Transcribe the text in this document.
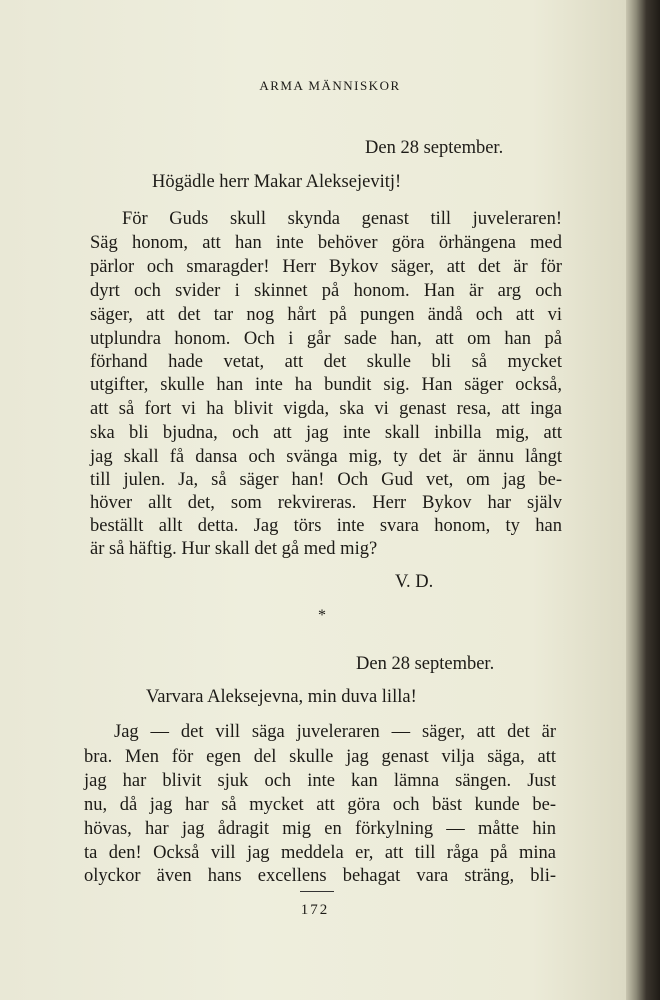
ARMA MÄNNISKOR
Den 28 september.
Högädle herr Makar Aleksejevitj!
För Guds skull skynda genast till juveleraren!
Säg honom, att han inte behöver göra örhängena med
pärlor och smaragder! Herr Bykov säger, att det är för
dyrt och svider i skinnet på honom. Han är arg och
säger, att det tar nog hårt på pungen ändå och att vi
utplundra honom. Och i går sade han, att om han på
förhand hade vetat, att det skulle bli så mycket
utgifter, skulle han inte ha bundit sig. Han säger också,
att så fort vi ha blivit vigda, ska vi genast resa, att inga
ska bli bjudna, och att jag inte skall inbilla mig, att
jag skall få dansa och svänga mig, ty det är ännu långt
till julen. Ja, så säger han! Och Gud vet, om jag be-
höver allt det, som rekvireras. Herr Bykov har själv
beställt allt detta. Jag törs inte svara honom, ty han
är så häftig. Hur skall det gå med mig?
V. D.
*
Den 28 september.
Varvara Aleksejevna, min duva lilla!
Jag — det vill säga juveleraren — säger, att det är
bra. Men för egen del skulle jag genast vilja säga, att
jag har blivit sjuk och inte kan lämna sängen. Just
nu, då jag har så mycket att göra och bäst kunde be-
hövas, har jag ådragit mig en förkylning — måtte hin
ta den! Också vill jag meddela er, att till råga på mina
olyckor även hans excellens behagat vara sträng, bli-
172
